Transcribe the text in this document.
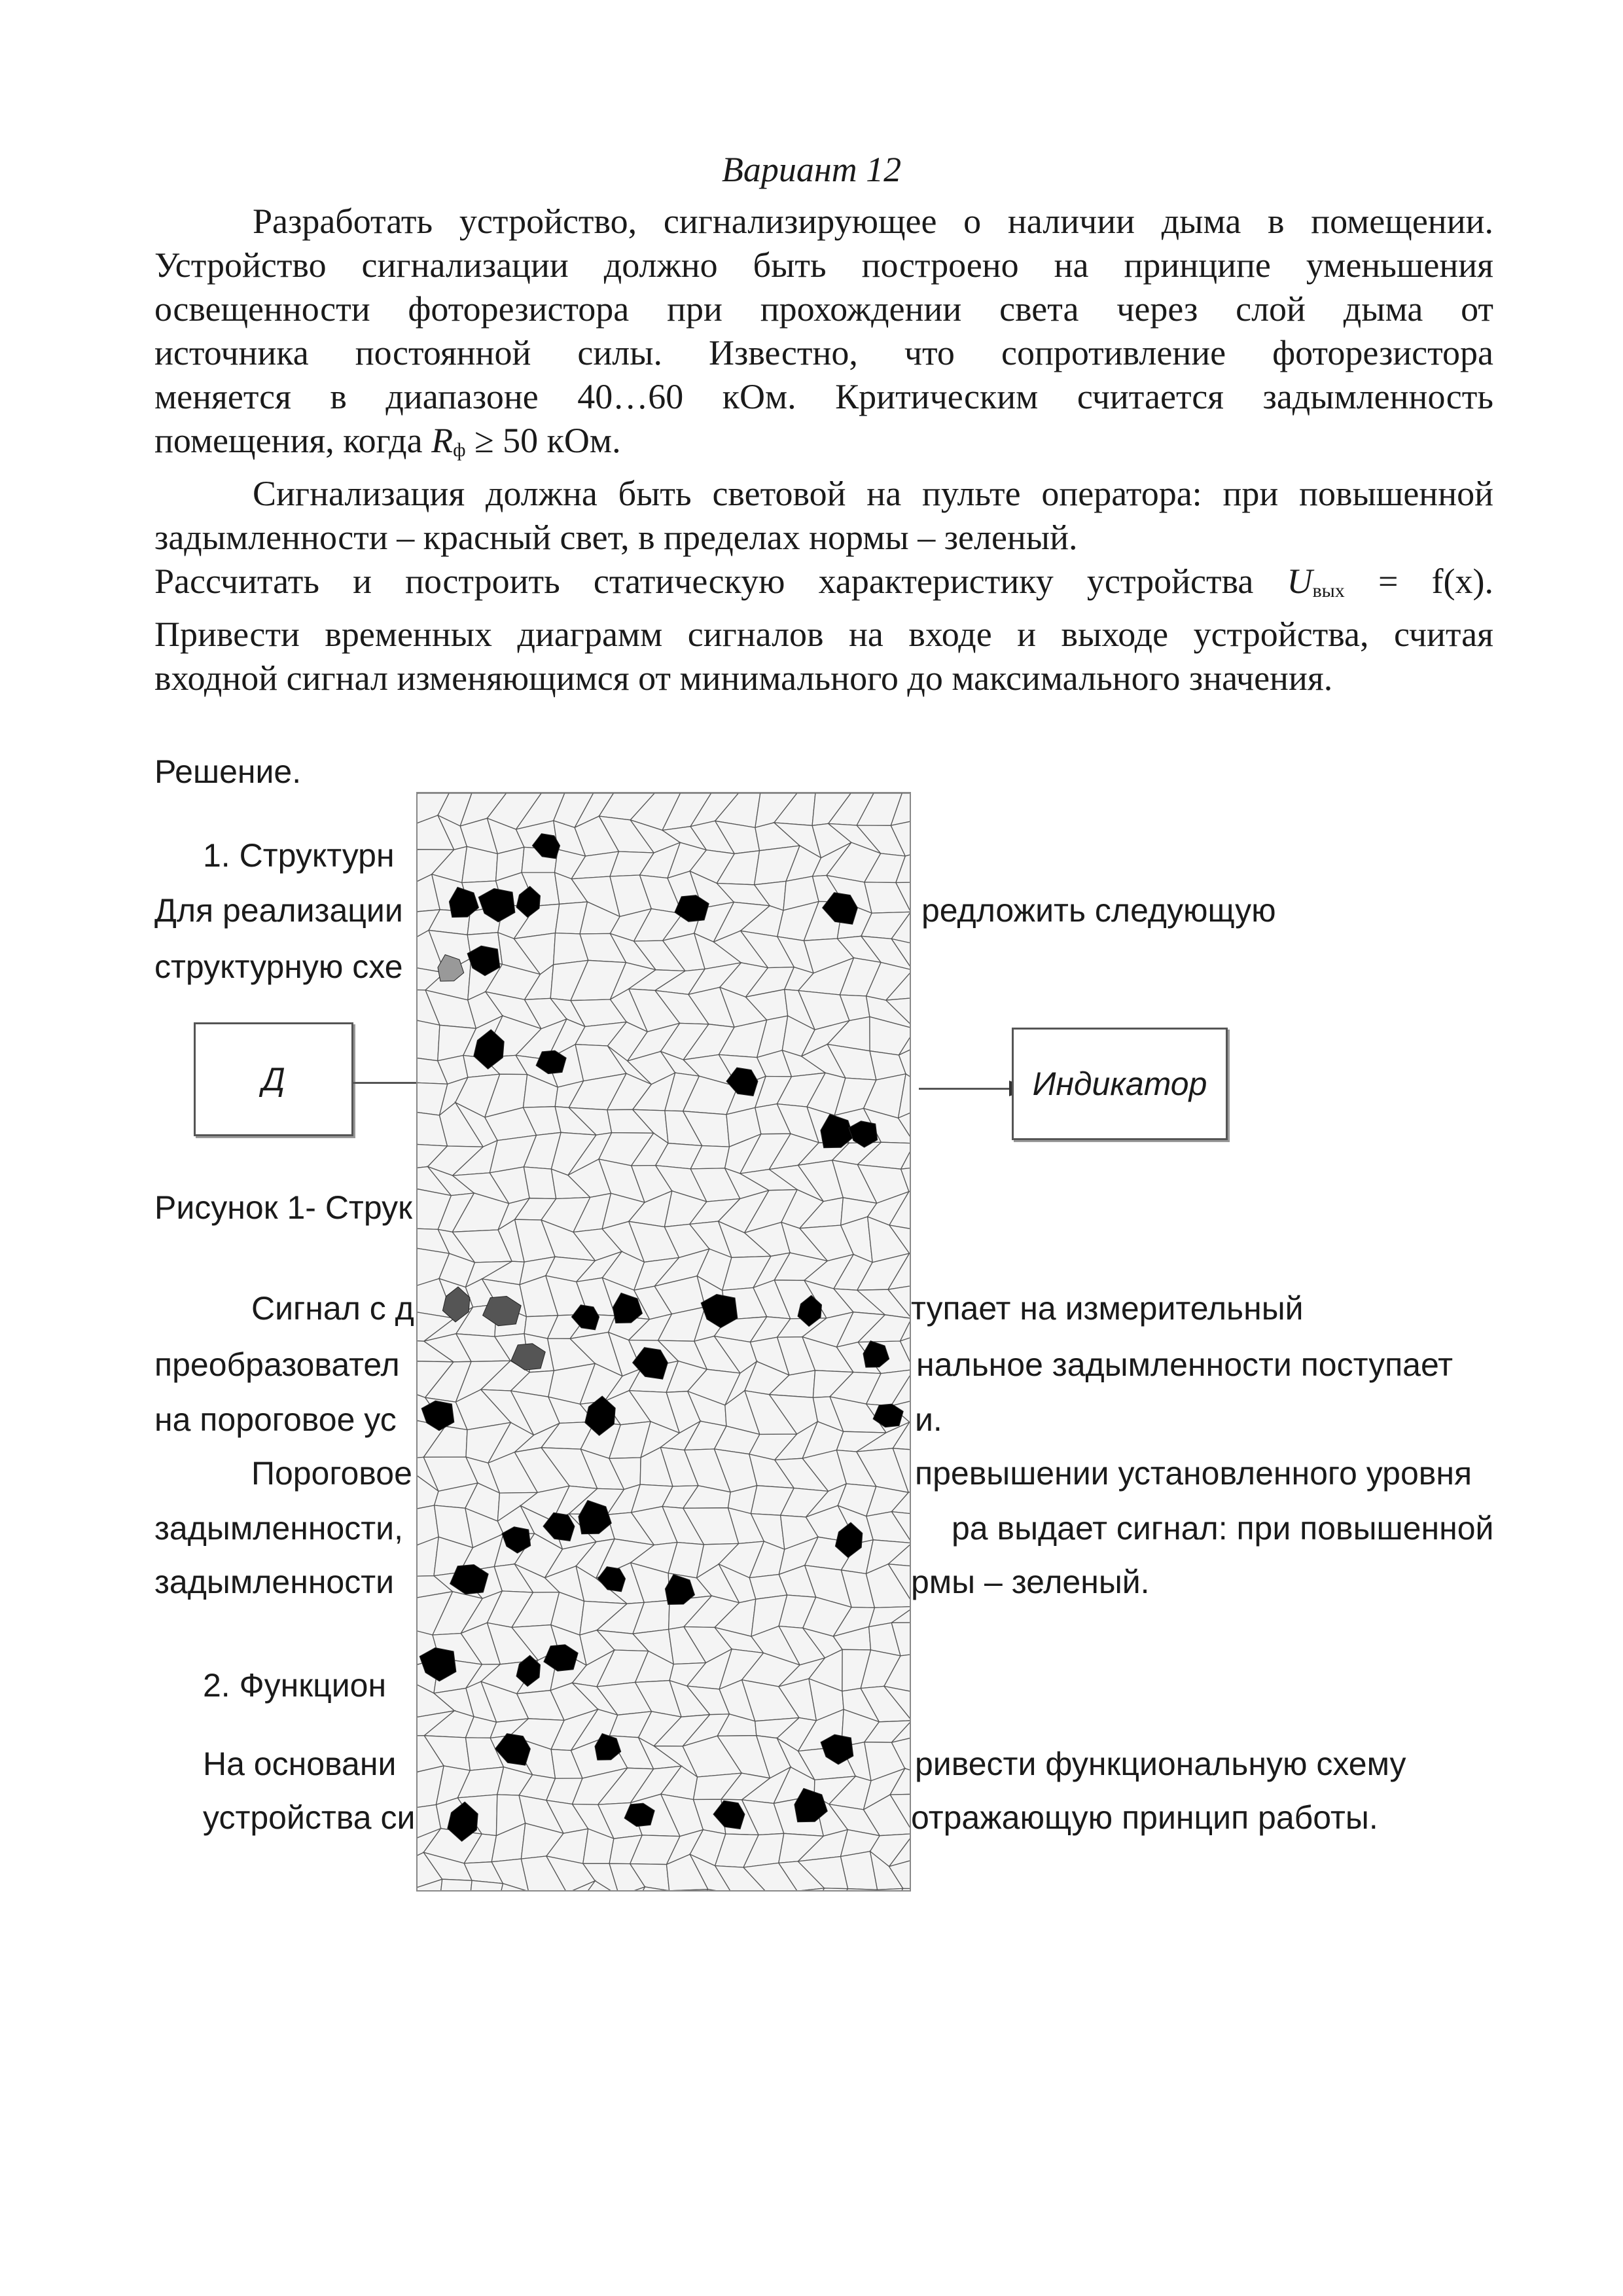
Вариант 12
Разработать устройство, сигнализирующее о наличии дыма в помещении.
Устройство сигнализации должно быть построено на принципе уменьшения
освещенности фоторезистора при прохождении света через слой дыма от
источника постоянной силы. Известно, что сопротивление фоторезистора
меняется в диапазоне 40…60 кОм. Критическим считается задымленность
помещения, когда $R_ф \ge 50$ кОм.
Сигнализация должна быть световой на пульте оператора: при повышенной
задымленности – красный свет, в пределах нормы – зеленый.
Рассчитать и построить статическую характеристику устройства $U_{вых} = f(x)$.
Привести временных диаграмм сигналов на входе и выходе устройства, считая
входной сигнал изменяющимся от минимального до максимального значения.
Решение.
1. Структурн
Для реализации	редложить следующую
структурную схе
Д	Индикатор
Рисунок 1- Струк
Сигнал с д	тупает на измерительный
преобразовател	нальное задымленности поступает
на пороговое ус	и.
Пороговое	превышении установленного уровня
задымленности,	ра выдает сигнал: при повышенной
задымленности	рмы – зеленый.
2. Функцион
На основани	ривести функциональную схему
устройства си	отражающую принцип работы.
